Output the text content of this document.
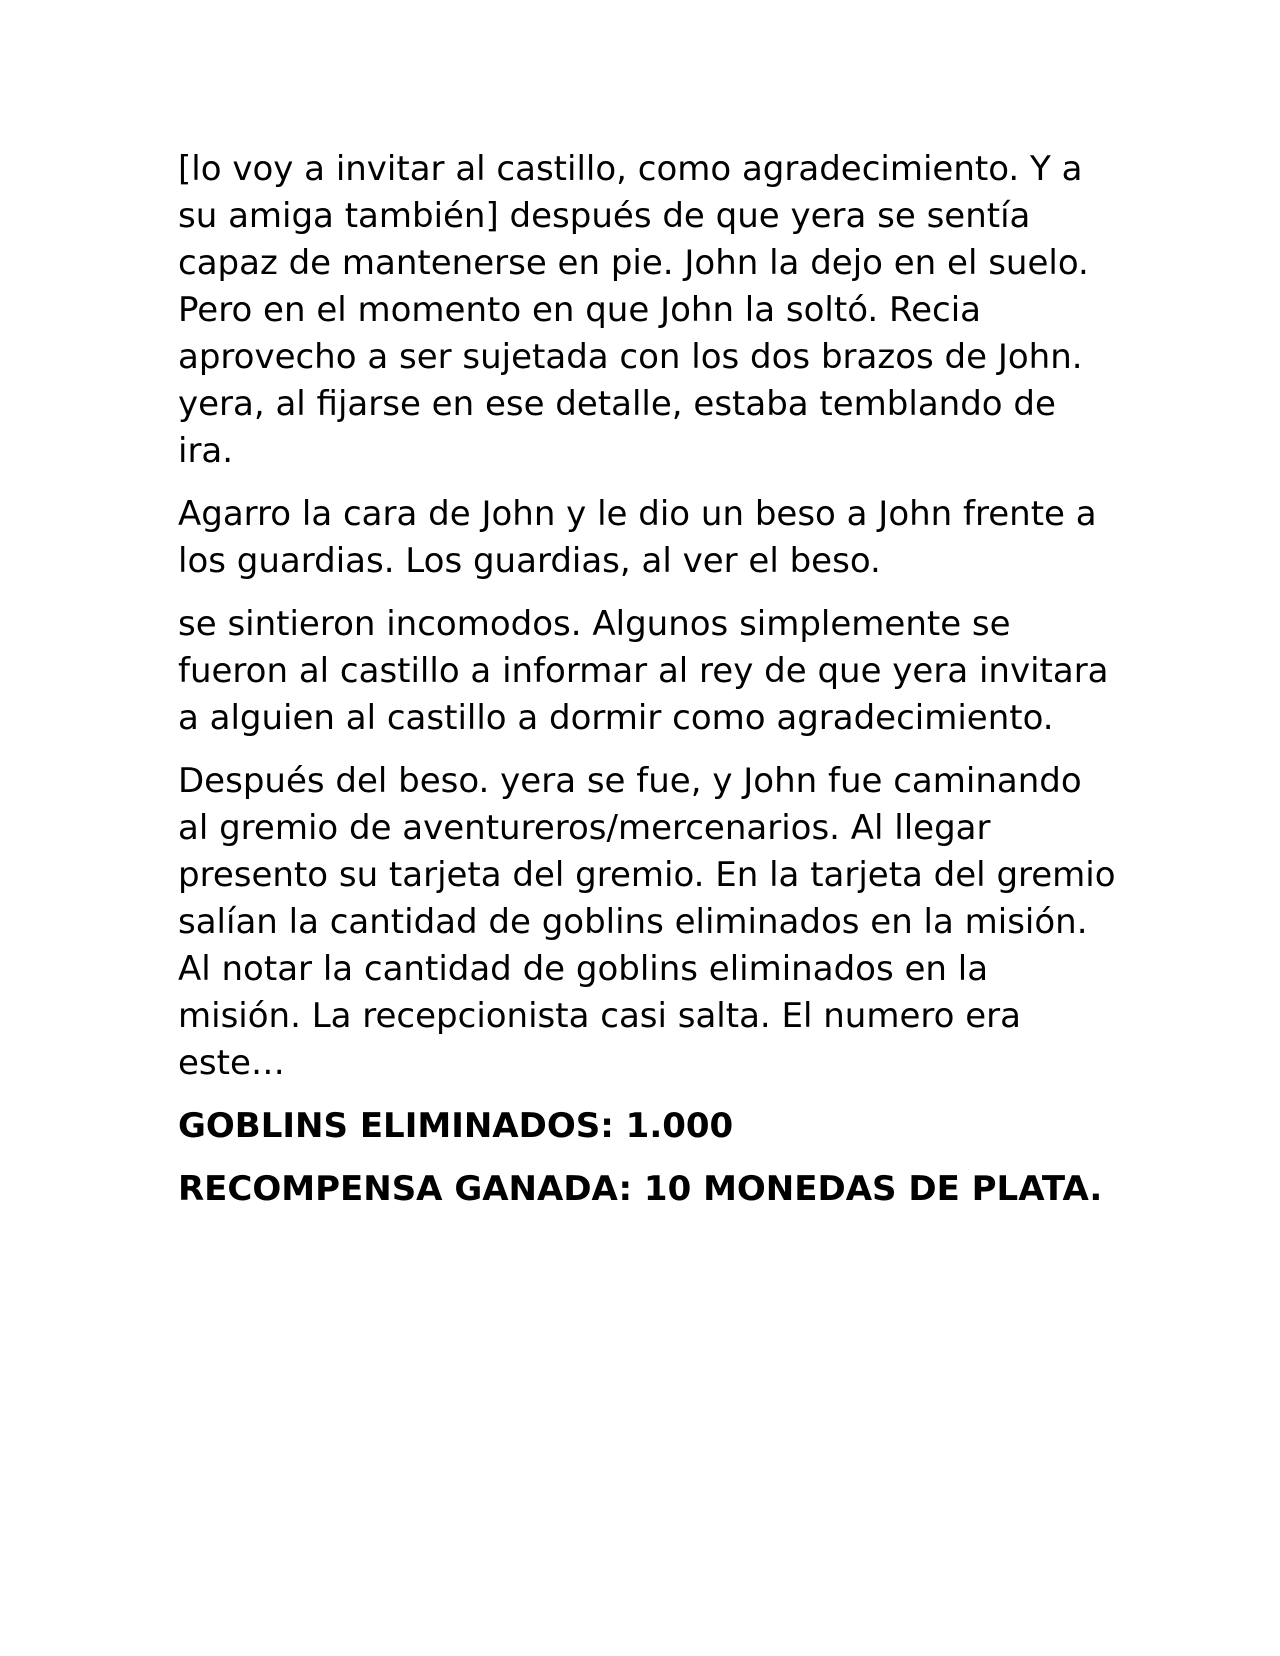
[lo voy a invitar al castillo, como agradecimiento. Y a su amiga también] después de que yera se sentía capaz de mantenerse en pie. John la dejo en el suelo. Pero en el momento en que John la soltó. Recia aprovecho a ser sujetada con los dos brazos de John. yera, al fijarse en ese detalle, estaba temblando de ira.

Agarro la cara de John y le dio un beso a John frente a los guardias. Los guardias, al ver el beso.

se sintieron incomodos. Algunos simplemente se fueron al castillo a informar al rey de que yera invitara a alguien al castillo a dormir como agradecimiento.

Después del beso. yera se fue, y John fue caminando al gremio de aventureros/mercenarios. Al llegar presento su tarjeta del gremio. En la tarjeta del gremio salían la cantidad de goblins eliminados en la misión. Al notar la cantidad de goblins eliminados en la misión. La recepcionista casi salta. El numero era este…

GOBLINS ELIMINADOS: 1.000

RECOMPENSA GANADA: 10 MONEDAS DE PLATA.
